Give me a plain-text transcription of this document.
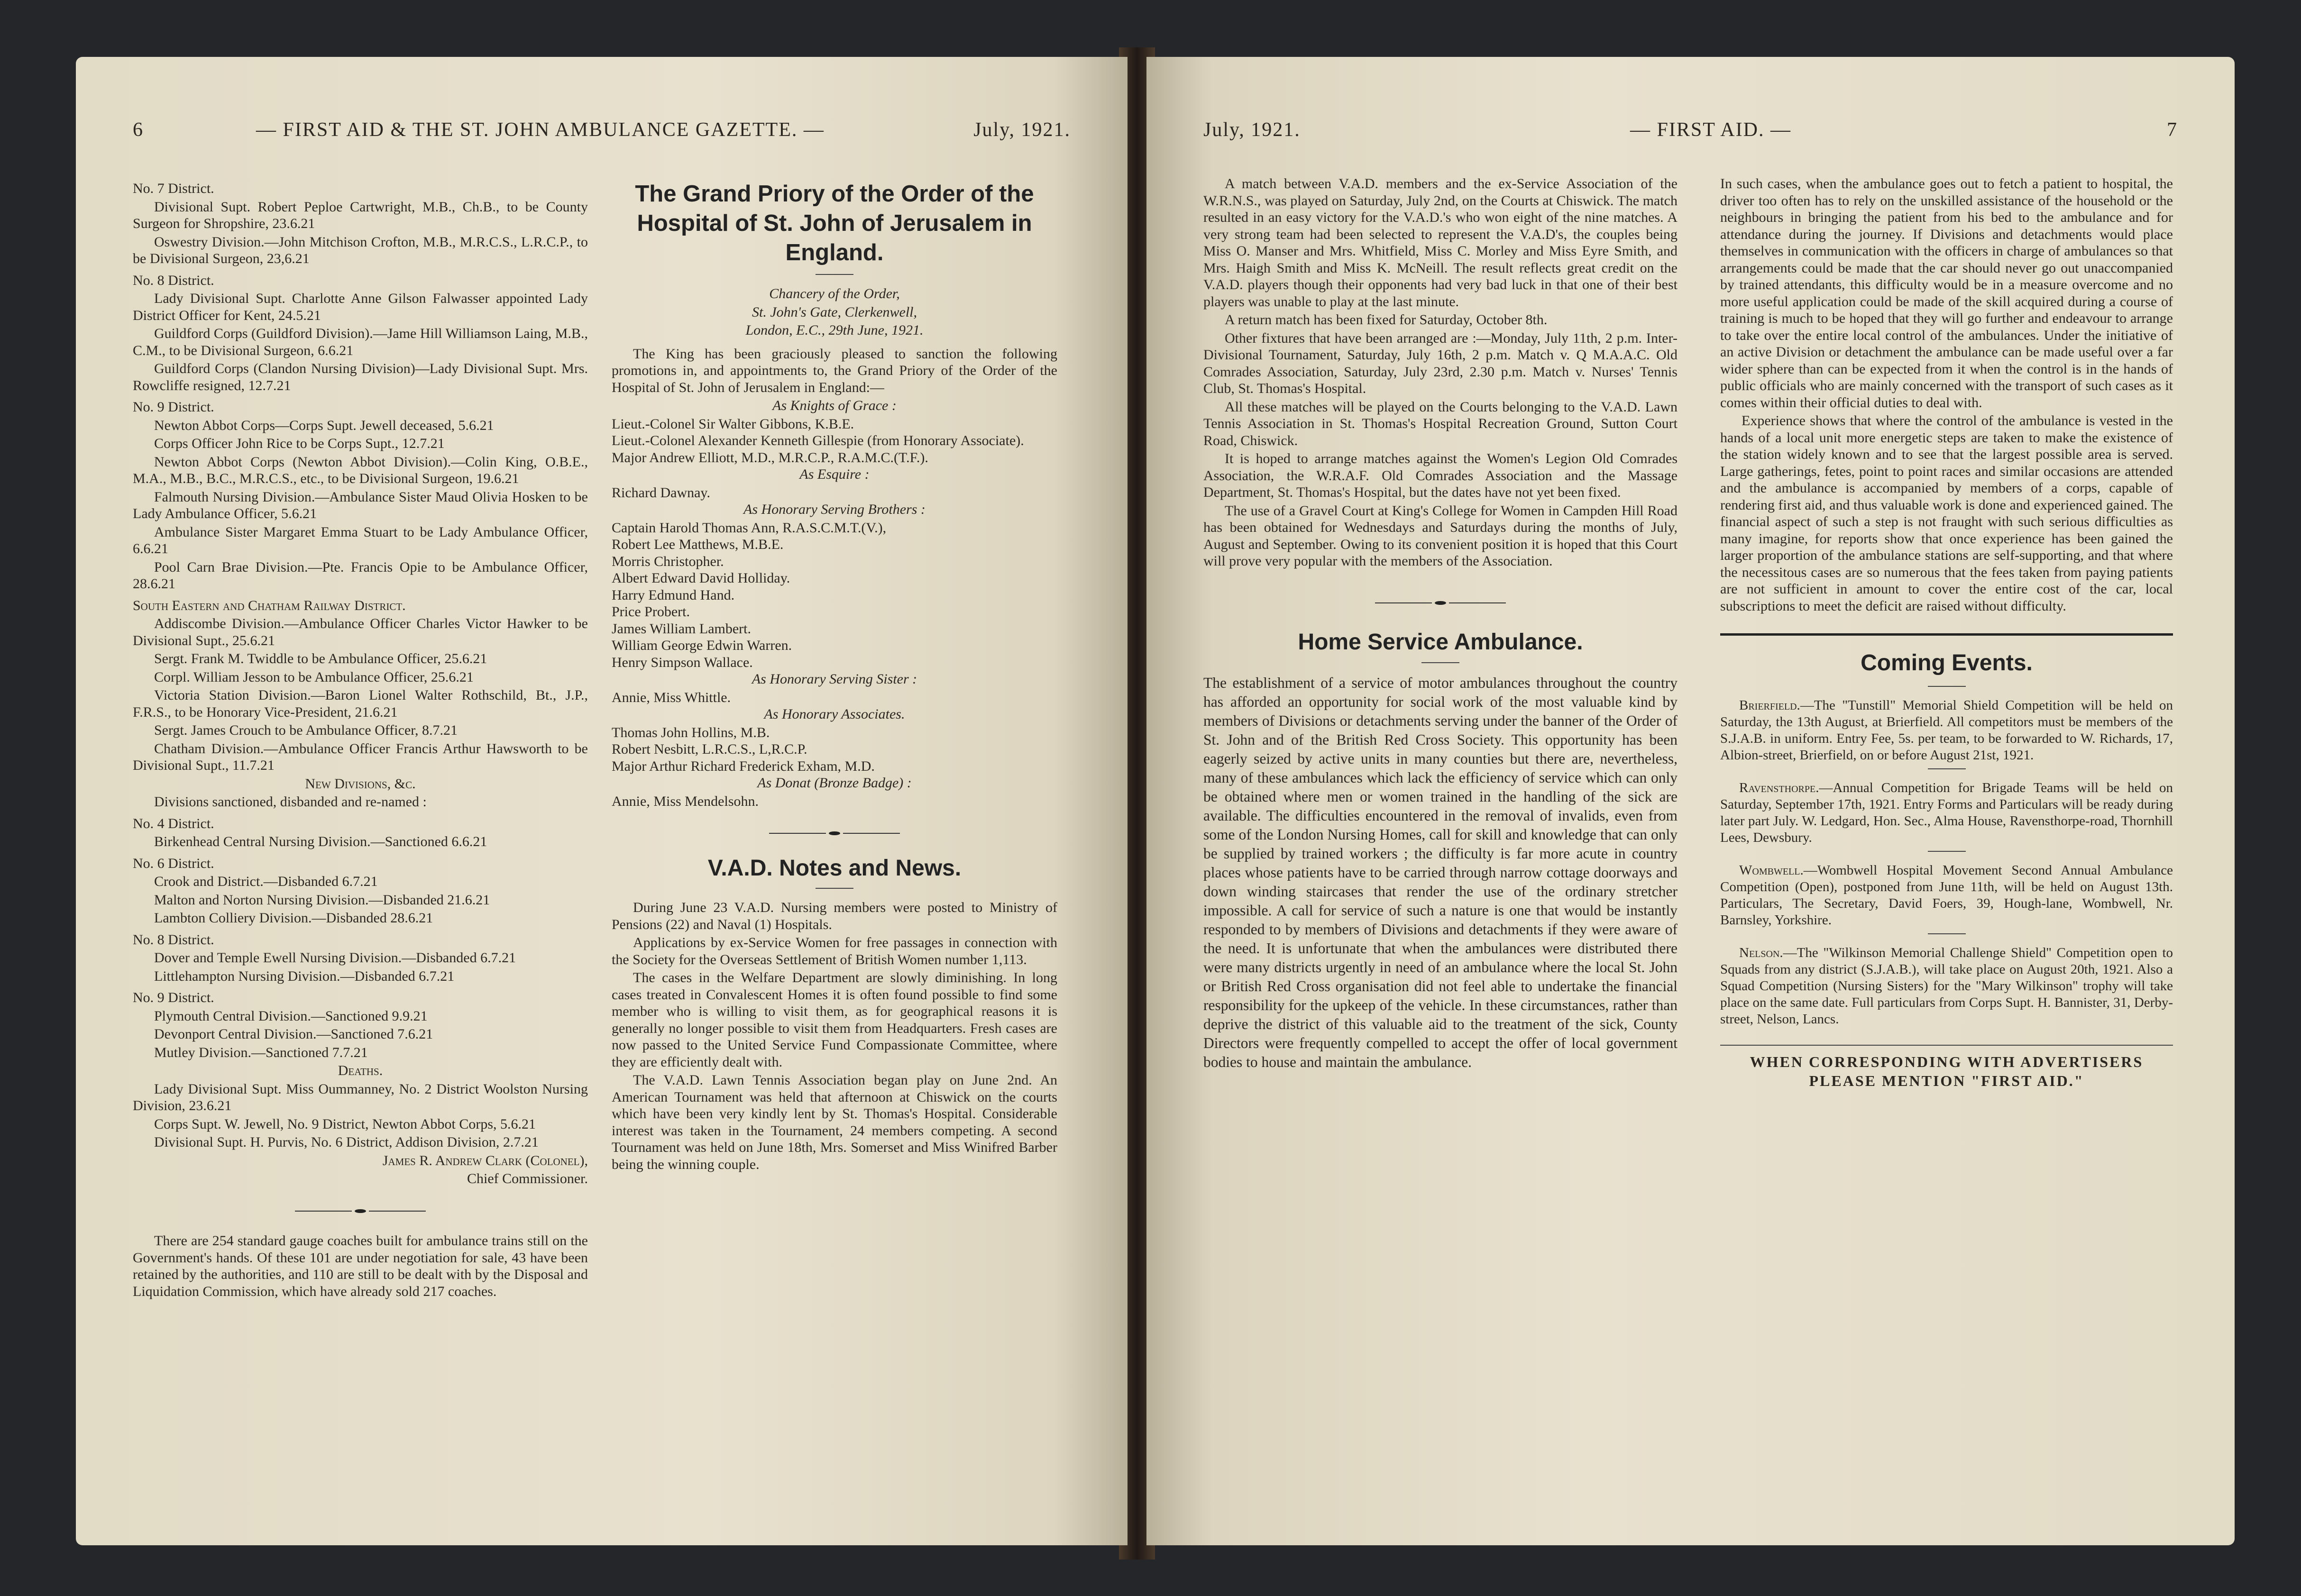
6	— FIRST AID & THE ST. JOHN AMBULANCE GAZETTE. —	July, 1921.

No. 7 District.

Divisional Supt. Robert Peploe Cartwright, M.B., Ch.B., to be County Surgeon for Shropshire, 23.6.21

Oswestry Division.—John Mitchison Crofton, M.B., M.R.C.S., L.R.C.P., to be Divisional Surgeon, 23,6.21

No. 8 District.

Lady Divisional Supt. Charlotte Anne Gilson Falwasser appointed Lady District Officer for Kent, 24.5.21

Guildford Corps (Guildford Division).—Jame Hill Williamson Laing, M.B., C.M., to be Divisional Surgeon, 6.6.21

Guildford Corps (Clandon Nursing Division)—Lady Divisional Supt. Mrs. Rowcliffe resigned, 12.7.21

No. 9 District.

Newton Abbot Corps—Corps Supt. Jewell deceased, 5.6.21

Corps Officer John Rice to be Corps Supt., 12.7.21

Newton Abbot Corps (Newton Abbot Division).—Colin King, O.B.E., M.A., M.B., B.C., M.R.C.S., etc., to be Divisional Surgeon, 19.6.21

Falmouth Nursing Division.—Ambulance Sister Maud Olivia Hosken to be Lady Ambulance Officer, 5.6.21

Ambulance Sister Margaret Emma Stuart to be Lady Ambulance Officer, 6.6.21

Pool Carn Brae Division.—Pte. Francis Opie to be Ambulance Officer, 28.6.21

South Eastern and Chatham Railway District.

Addiscombe Division.—Ambulance Officer Charles Victor Hawker to be Divisional Supt., 25.6.21

Sergt. Frank M. Twiddle to be Ambulance Officer, 25.6.21

Corpl. William Jesson to be Ambulance Officer, 25.6.21

Victoria Station Division.—Baron Lionel Walter Rothschild, Bt., J.P., F.R.S., to be Honorary Vice-President, 21.6.21

Sergt. James Crouch to be Ambulance Officer, 8.7.21

Chatham Division.—Ambulance Officer Francis Arthur Hawsworth to be Divisional Supt., 11.7.21

New Divisions, &c.

Divisions sanctioned, disbanded and re-named :

No. 4 District.

Birkenhead Central Nursing Division.—Sanctioned 6.6.21

No. 6 District.

Crook and District.—Disbanded 6.7.21

Malton and Norton Nursing Division.—Disbanded 21.6.21

Lambton Colliery Division.—Disbanded 28.6.21

No. 8 District.

Dover and Temple Ewell Nursing Division.—Disbanded 6.7.21

Littlehampton Nursing Division.—Disbanded 6.7.21

No. 9 District.

Plymouth Central Division.—Sanctioned 9.9.21

Devonport Central Division.—Sanctioned 7.6.21

Mutley Division.—Sanctioned 7.7.21

Deaths.

Lady Divisional Supt. Miss Oummanney, No. 2 District Woolston Nursing Division, 23.6.21

Corps Supt. W. Jewell, No. 9 District, Newton Abbot Corps, 5.6.21

Divisional Supt. H. Purvis, No. 6 District, Addison Division, 2.7.21

James R. Andrew Clark (Colonel),

Chief Commissioner.

There are 254 standard gauge coaches built for ambulance trains still on the Government's hands. Of these 101 are under negotiation for sale, 43 have been retained by the authorities, and 110 are still to be dealt with by the Disposal and Liquidation Commission, which have already sold 217 coaches.

The Grand Priory of the Order of the Hospital of St. John of Jerusalem in England.

Chancery of the Order,

St. John's Gate, Clerkenwell,

London, E.C., 29th June, 1921.

The King has been graciously pleased to sanction the following promotions in, and appointments to, the Grand Priory of the Order of the Hospital of St. John of Jerusalem in England:—

As Knights of Grace :

Lieut.-Colonel Sir Walter Gibbons, K.B.E.

Lieut.-Colonel Alexander Kenneth Gillespie (from Honorary Associate).

Major Andrew Elliott, M.D., M.R.C.P., R.A.M.C.(T.F.).

As Esquire :

Richard Dawnay.

As Honorary Serving Brothers :

Captain Harold Thomas Ann, R.A.S.C.M.T.(V.),

Robert Lee Matthews, M.B.E.

Morris Christopher.

Albert Edward David Holliday.

Harry Edmund Hand.

Price Probert.

James William Lambert.

William George Edwin Warren.

Henry Simpson Wallace.

As Honorary Serving Sister :

Annie, Miss Whittle.

As Honorary Associates.

Thomas John Hollins, M.B.

Robert Nesbitt, L.R.C.S., L,R.C.P.

Major Arthur Richard Frederick Exham, M.D.

As Donat (Bronze Badge) :

Annie, Miss Mendelsohn.

V.A.D. Notes and News.

During June 23 V.A.D. Nursing members were posted to Ministry of Pensions (22) and Naval (1) Hospitals.

Applications by ex-Service Women for free passages in connection with the Society for the Overseas Settlement of British Women number 1,113.

The cases in the Welfare Department are slowly diminishing. In long cases treated in Convalescent Homes it is often found possible to find some member who is willing to visit them, as for geographical reasons it is generally no longer possible to visit them from Headquarters. Fresh cases are now passed to the United Service Fund Compassionate Committee, where they are efficiently dealt with.

The V.A.D. Lawn Tennis Association began play on June 2nd. An American Tournament was held that afternoon at Chiswick on the courts which have been very kindly lent by St. Thomas's Hospital. Considerable interest was taken in the Tournament, 24 members competing. A second Tournament was held on June 18th, Mrs. Somerset and Miss Winifred Barber being the winning couple.

July, 1921.	— FIRST AID. —	7

A match between V.A.D. members and the ex-Service Association of the W.R.N.S., was played on Saturday, July 2nd, on the Courts at Chiswick. The match resulted in an easy victory for the V.A.D.'s who won eight of the nine matches. A very strong team had been selected to represent the V.A.D's, the couples being Miss O. Manser and Mrs. Whitfield, Miss C. Morley and Miss Eyre Smith, and Mrs. Haigh Smith and Miss K. McNeill. The result reflects great credit on the V.A.D. players though their opponents had very bad luck in that one of their best players was unable to play at the last minute.

A return match has been fixed for Saturday, October 8th.

Other fixtures that have been arranged are :—Monday, July 11th, 2 p.m. Inter-Divisional Tournament, Saturday, July 16th, 2 p.m. Match v. Q M.A.A.C. Old Comrades Association, Saturday, July 23rd, 2.30 p.m. Match v. Nurses' Tennis Club, St. Thomas's Hospital.

All these matches will be played on the Courts belonging to the V.A.D. Lawn Tennis Association in St. Thomas's Hospital Recreation Ground, Sutton Court Road, Chiswick.

It is hoped to arrange matches against the Women's Legion Old Comrades Association, the W.R.A.F. Old Comrades Association and the Massage Department, St. Thomas's Hospital, but the dates have not yet been fixed.

The use of a Gravel Court at King's College for Women in Campden Hill Road has been obtained for Wednesdays and Saturdays during the months of July, August and September. Owing to its convenient position it is hoped that this Court will prove very popular with the members of the Association.

Home Service Ambulance.

The establishment of a service of motor ambulances throughout the country has afforded an opportunity for social work of the most valuable kind by members of Divisions or detachments serving under the banner of the Order of St. John and of the British Red Cross Society. This opportunity has been eagerly seized by active units in many counties but there are, nevertheless, many of these ambulances which lack the efficiency of service which can only be obtained where men or women trained in the handling of the sick are available. The difficulties encountered in the removal of invalids, even from some of the London Nursing Homes, call for skill and knowledge that can only be supplied by trained workers ; the difficulty is far more acute in country places whose patients have to be carried through narrow cottage doorways and down winding staircases that render the use of the ordinary stretcher impossible. A call for service of such a nature is one that would be instantly responded to by members of Divisions and detachments if they were aware of the need. It is unfortunate that when the ambulances were distributed there were many districts urgently in need of an ambulance where the local St. John or British Red Cross organisation did not feel able to undertake the financial responsibility for the upkeep of the vehicle. In these circumstances, rather than deprive the district of this valuable aid to the treatment of the sick, County Directors were frequently compelled to accept the offer of local government bodies to house and maintain the ambulance.

In such cases, when the ambulance goes out to fetch a patient to hospital, the driver too often has to rely on the unskilled assistance of the household or the neighbours in bringing the patient from his bed to the ambulance and for attendance during the journey. If Divisions and detachments would place themselves in communication with the officers in charge of ambulances so that arrangements could be made that the car should never go out unaccompanied by trained attendants, this difficulty would be in a measure overcome and no more useful application could be made of the skill acquired during a course of training is much to be hoped that they will go further and endeavour to arrange to take over the entire local control of the ambulances. Under the initiative of an active Division or detachment the ambulance can be made useful over a far wider sphere than can be expected from it when the control is in the hands of public officials who are mainly concerned with the transport of such cases as it comes within their official duties to deal with.

Experience shows that where the control of the ambulance is vested in the hands of a local unit more energetic steps are taken to make the existence of the station widely known and to see that the largest possible area is served. Large gatherings, fetes, point to point races and similar occasions are attended and the ambulance is accompanied by members of a corps, capable of rendering first aid, and thus valuable work is done and experienced gained. The financial aspect of such a step is not fraught with such serious difficulties as many imagine, for reports show that once experience has been gained the larger proportion of the ambulance stations are self-supporting, and that where the necessitous cases are so numerous that the fees taken from paying patients are not sufficient in amount to cover the entire cost of the car, local subscriptions to meet the deficit are raised without difficulty.

Coming Events.

Brierfield.—The "Tunstill" Memorial Shield Competition will be held on Saturday, the 13th August, at Brierfield. All competitors must be members of the S.J.A.B. in uniform. Entry Fee, 5s. per team, to be forwarded to W. Richards, 17, Albion-street, Brierfield, on or before August 21st, 1921.

Ravensthorpe.—Annual Competition for Brigade Teams will be held on Saturday, September 17th, 1921. Entry Forms and Particulars will be ready during later part July. W. Ledgard, Hon. Sec., Alma House, Ravensthorpe-road, Thornhill Lees, Dewsbury.

Wombwell.—Wombwell Hospital Movement Second Annual Ambulance Competition (Open), postponed from June 11th, will be held on August 13th. Particulars, The Secretary, David Foers, 39, Hough-lane, Wombwell, Nr. Barnsley, Yorkshire.

Nelson.—The "Wilkinson Memorial Challenge Shield" Competition open to Squads from any district (S.J.A.B.), will take place on August 20th, 1921. Also a Squad Competition (Nursing Sisters) for the "Mary Wilkinson" trophy will take place on the same date. Full particulars from Corps Supt. H. Bannister, 31, Derby-street, Nelson, Lancs.

WHEN CORRESPONDING WITH ADVERTISERS PLEASE MENTION "FIRST AID."
